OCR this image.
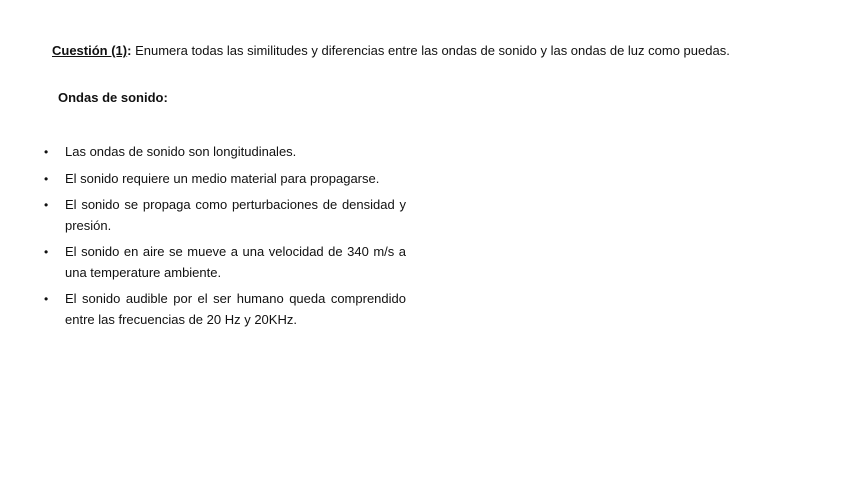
Cuestión (1): Enumera todas las similitudes y diferencias entre las ondas de sonido y las ondas de luz como puedas.
Ondas de sonido:
• Las ondas de sonido son longitudinales.
• El sonido requiere un medio material para propagarse.
• El sonido se propaga como perturbaciones de densidad y presión.
• El sonido en aire se mueve a una velocidad de 340 m/s a una temperature ambiente.
• El sonido audible por el ser humano queda comprendido entre las frecuencias de 20 Hz y 20KHz.
